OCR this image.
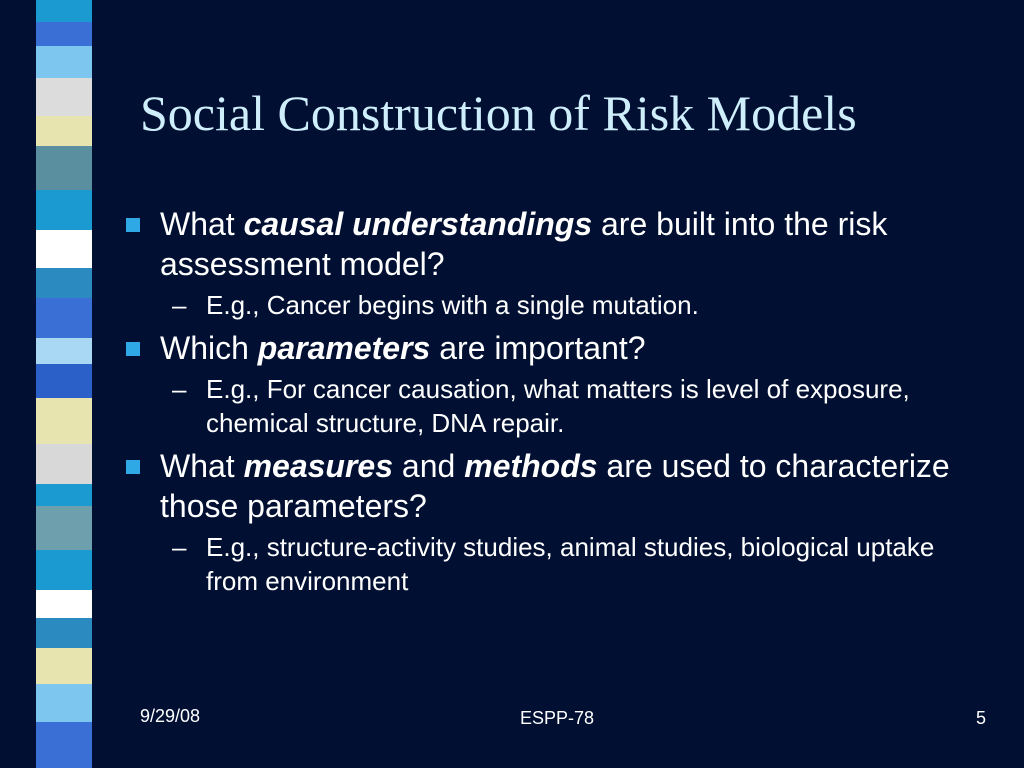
Social Construction of Risk Models
What causal understandings are built into the risk assessment model?
– E.g., Cancer begins with a single mutation.
Which parameters are important?
– E.g., For cancer causation, what matters is level of exposure, chemical structure, DNA repair.
What measures and methods are used to characterize those parameters?
– E.g., structure-activity studies, animal studies, biological uptake from environment
9/29/08	ESPP-78	5
